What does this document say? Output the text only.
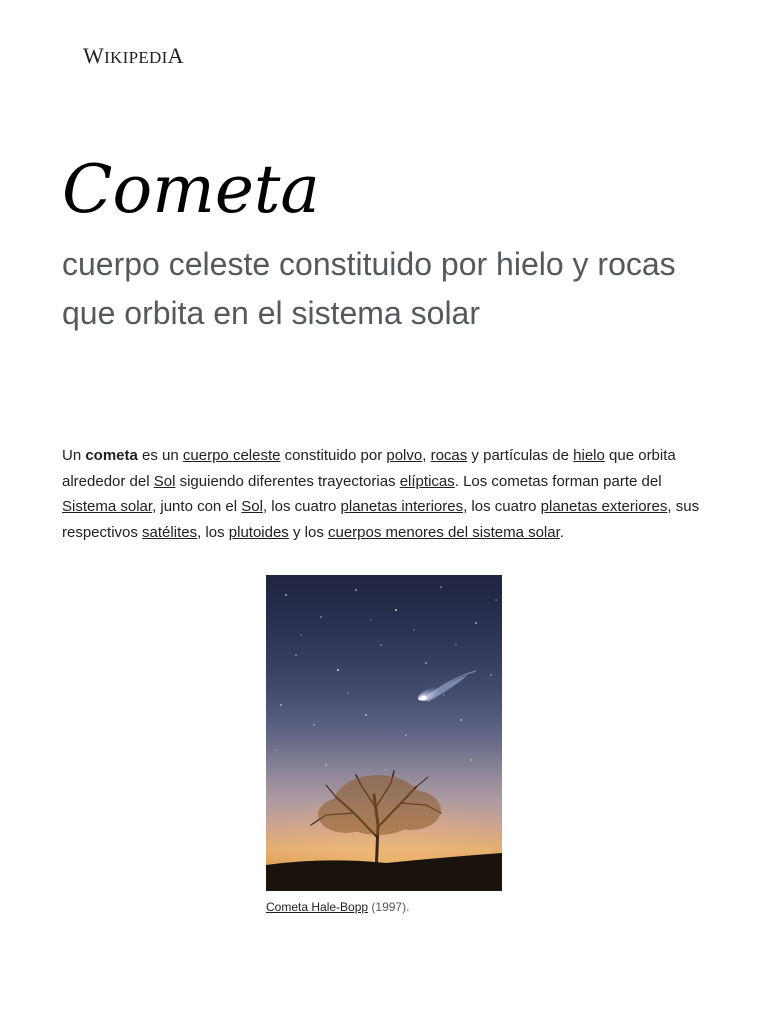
WIKIPEDIA
Cometa
cuerpo celeste constituido por hielo y rocas que orbita en el sistema solar

Un cometa es un cuerpo celeste constituido por polvo, rocas y partículas de hielo que orbita alrededor del Sol siguiendo diferentes trayectorias elípticas. Los cometas forman parte del Sistema solar, junto con el Sol, los cuatro planetas interiores, los cuatro planetas exteriores, sus respectivos satélites, los plutoides y los cuerpos menores del sistema solar.

Cometa Hale-Bopp (1997).
